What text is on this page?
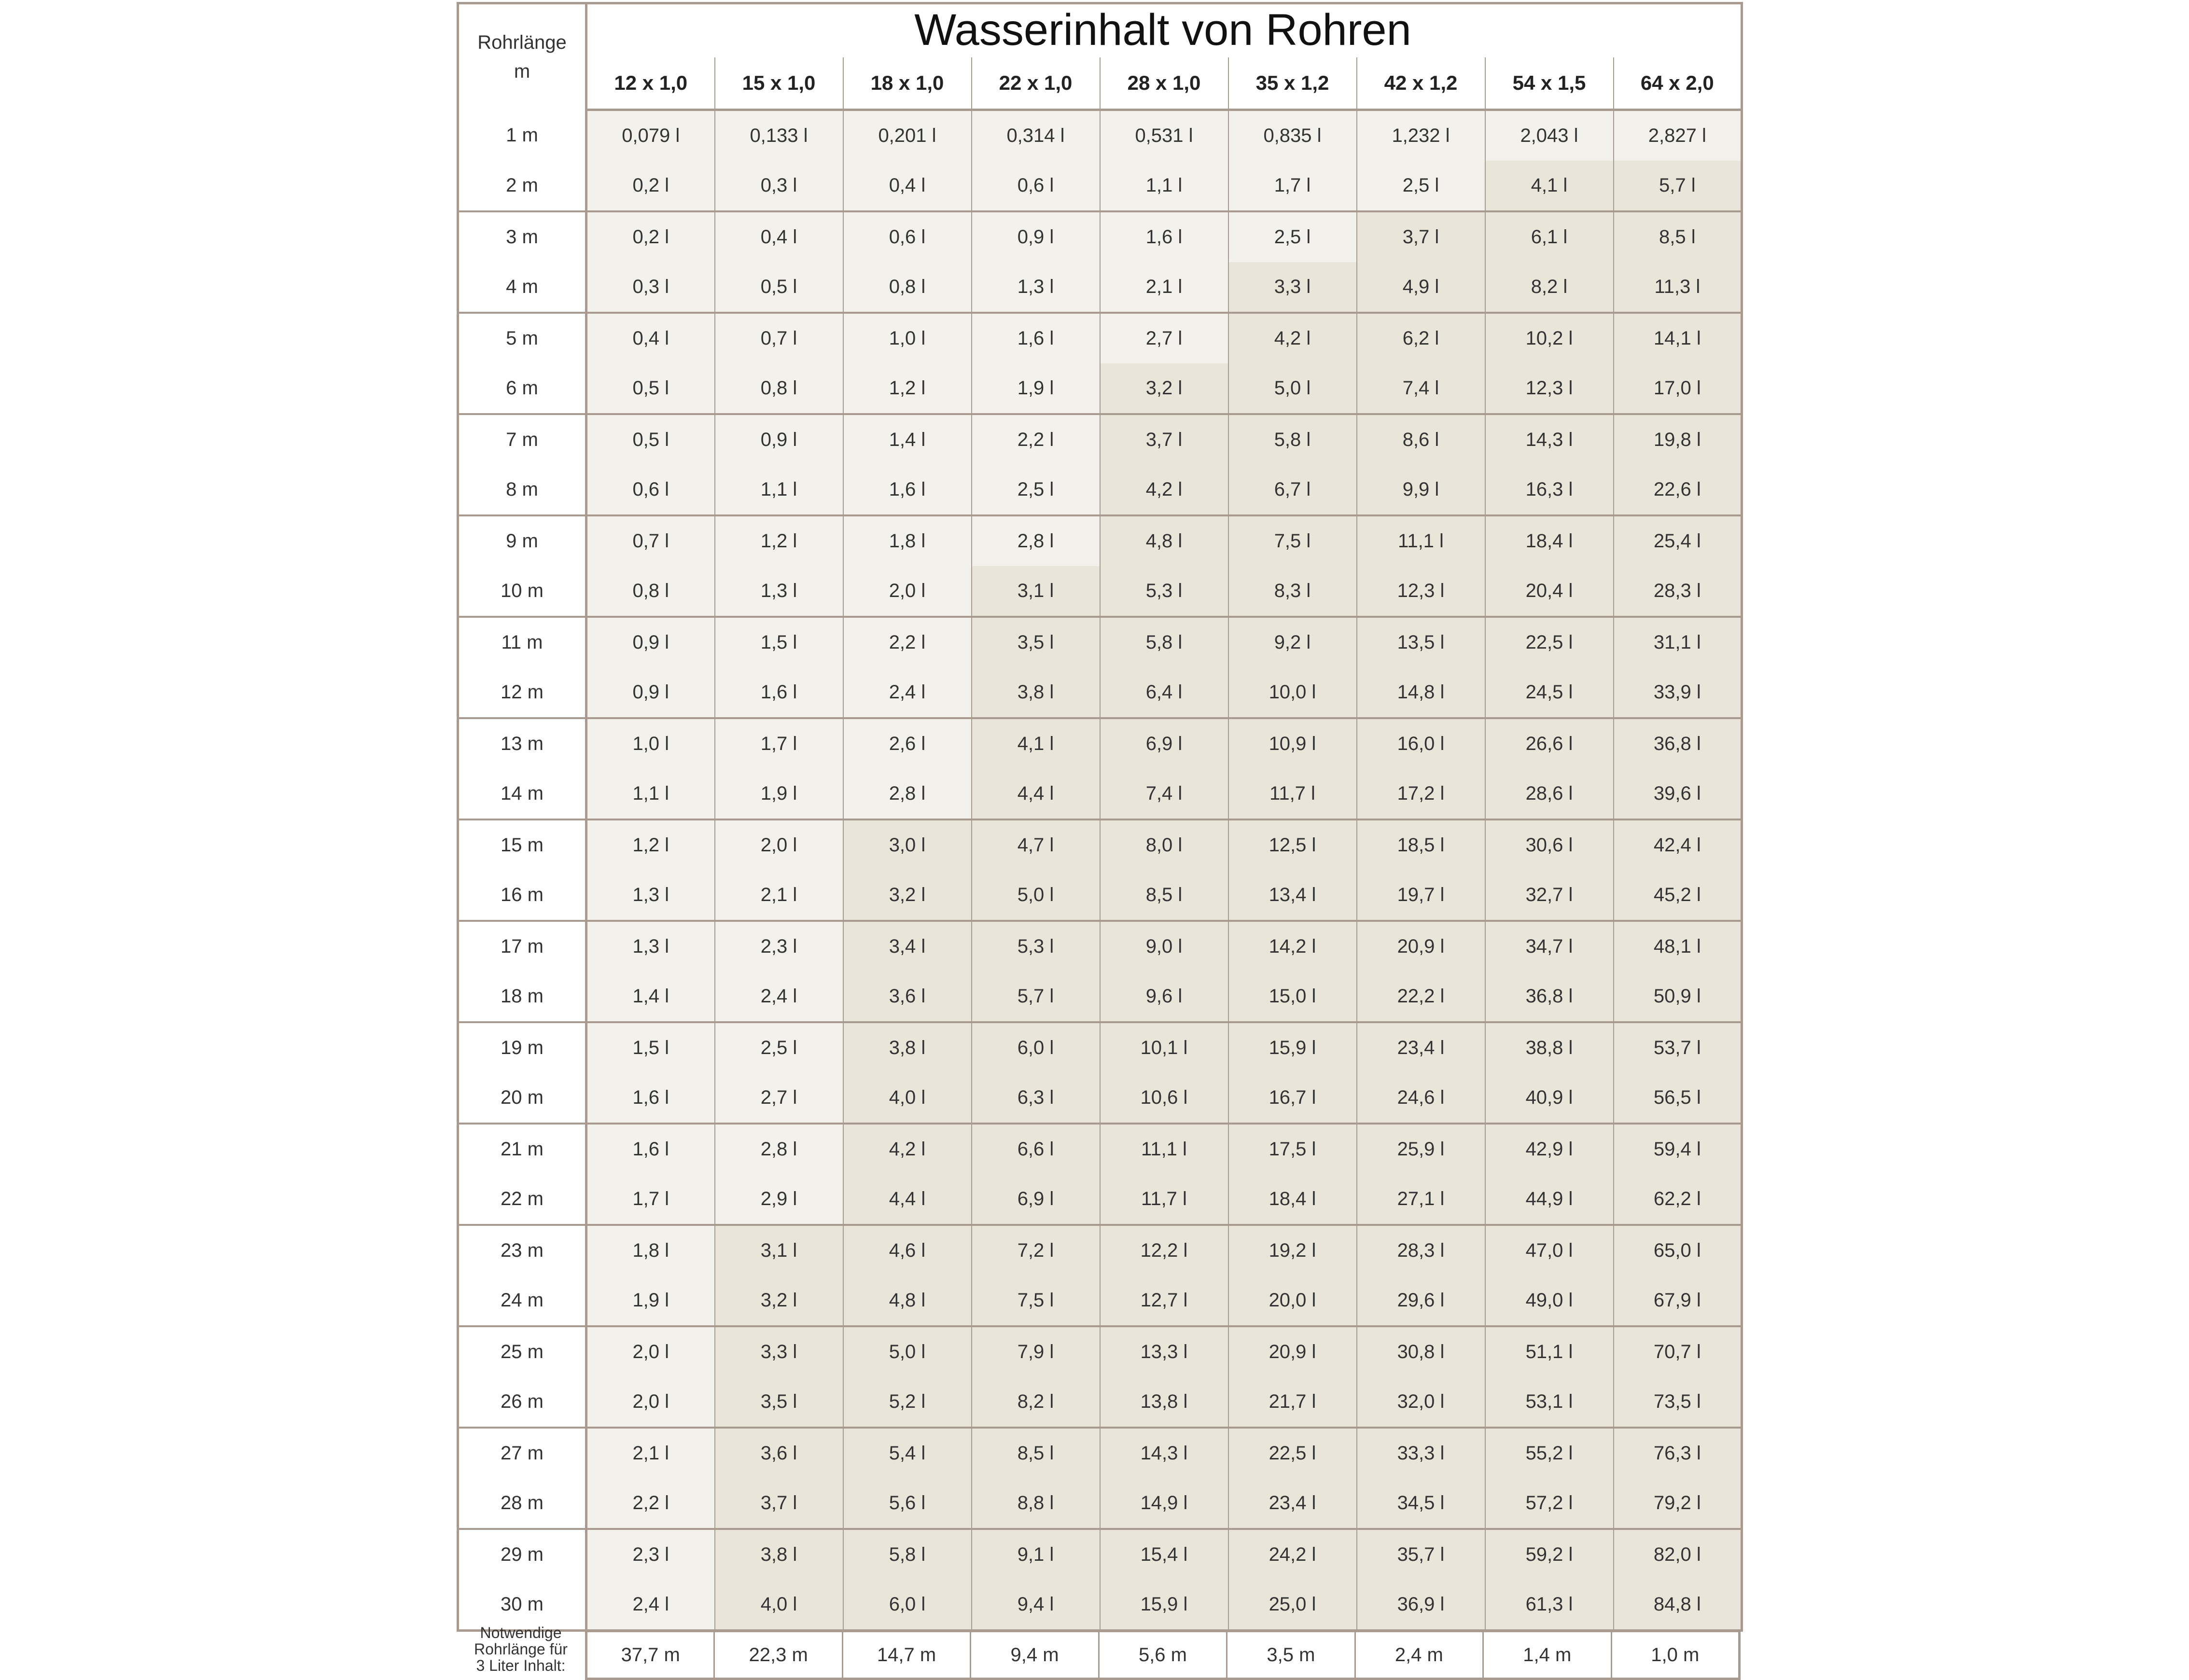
Rohrlänge
m									

	12 x 1,0	15 x 1,0	18 x 1,0	22 x 1,0	28 x 1,0	35 x 1,2	42 x 1,2	54 x 1,5	64 x 2,0
1 m	0,079 l	0,133 l	0,201 l	0,314 l	0,531 l	0,835 l	1,232 l	2,043 l	2,827 l
2 m	0,2 l	0,3 l	0,4 l	0,6 l	1,1 l	1,7 l	2,5 l	4,1 l	5,7 l
3 m	0,2 l	0,4 l	0,6 l	0,9 l	1,6 l	2,5 l	3,7 l	6,1 l	8,5 l
4 m	0,3 l	0,5 l	0,8 l	1,3 l	2,1 l	3,3 l	4,9 l	8,2 l	11,3 l
5 m	0,4 l	0,7 l	1,0 l	1,6 l	2,7 l	4,2 l	6,2 l	10,2 l	14,1 l
6 m	0,5 l	0,8 l	1,2 l	1,9 l	3,2 l	5,0 l	7,4 l	12,3 l	17,0 l
7 m	0,5 l	0,9 l	1,4 l	2,2 l	3,7 l	5,8 l	8,6 l	14,3 l	19,8 l
8 m	0,6 l	1,1 l	1,6 l	2,5 l	4,2 l	6,7 l	9,9 l	16,3 l	22,6 l
9 m	0,7 l	1,2 l	1,8 l	2,8 l	4,8 l	7,5 l	11,1 l	18,4 l	25,4 l
10 m	0,8 l	1,3 l	2,0 l	3,1 l	5,3 l	8,3 l	12,3 l	20,4 l	28,3 l
11 m	0,9 l	1,5 l	2,2 l	3,5 l	5,8 l	9,2 l	13,5 l	22,5 l	31,1 l
12 m	0,9 l	1,6 l	2,4 l	3,8 l	6,4 l	10,0 l	14,8 l	24,5 l	33,9 l
13 m	1,0 l	1,7 l	2,6 l	4,1 l	6,9 l	10,9 l	16,0 l	26,6 l	36,8 l
14 m	1,1 l	1,9 l	2,8 l	4,4 l	7,4 l	11,7 l	17,2 l	28,6 l	39,6 l
15 m	1,2 l	2,0 l	3,0 l	4,7 l	8,0 l	12,5 l	18,5 l	30,6 l	42,4 l
16 m	1,3 l	2,1 l	3,2 l	5,0 l	8,5 l	13,4 l	19,7 l	32,7 l	45,2 l
17 m	1,3 l	2,3 l	3,4 l	5,3 l	9,0 l	14,2 l	20,9 l	34,7 l	48,1 l
18 m	1,4 l	2,4 l	3,6 l	5,7 l	9,6 l	15,0 l	22,2 l	36,8 l	50,9 l
19 m	1,5 l	2,5 l	3,8 l	6,0 l	10,1 l	15,9 l	23,4 l	38,8 l	53,7 l
20 m	1,6 l	2,7 l	4,0 l	6,3 l	10,6 l	16,7 l	24,6 l	40,9 l	56,5 l
21 m	1,6 l	2,8 l	4,2 l	6,6 l	11,1 l	17,5 l	25,9 l	42,9 l	59,4 l
22 m	1,7 l	2,9 l	4,4 l	6,9 l	11,7 l	18,4 l	27,1 l	44,9 l	62,2 l
23 m	1,8 l	3,1 l	4,6 l	7,2 l	12,2 l	19,2 l	28,3 l	47,0 l	65,0 l
24 m	1,9 l	3,2 l	4,8 l	7,5 l	12,7 l	20,0 l	29,6 l	49,0 l	67,9 l
25 m	2,0 l	3,3 l	5,0 l	7,9 l	13,3 l	20,9 l	30,8 l	51,1 l	70,7 l
26 m	2,0 l	3,5 l	5,2 l	8,2 l	13,8 l	21,7 l	32,0 l	53,1 l	73,5 l
27 m	2,1 l	3,6 l	5,4 l	8,5 l	14,3 l	22,5 l	33,3 l	55,2 l	76,3 l
28 m	2,2 l	3,7 l	5,6 l	8,8 l	14,9 l	23,4 l	34,5 l	57,2 l	79,2 l
29 m	2,3 l	3,8 l	5,8 l	9,1 l	15,4 l	24,2 l	35,7 l	59,2 l	82,0 l
30 m	2,4 l	4,0 l	6,0 l	9,4 l	15,9 l	25,0 l	36,9 l	61,3 l	84,8 l
Wasserinhalt von Rohren
Notwendige
Rohrlänge für
3 Liter Inhalt:	37,7 m	22,3 m	14,7 m	9,4 m	5,6 m	3,5 m	2,4 m	1,4 m	1,0 m
